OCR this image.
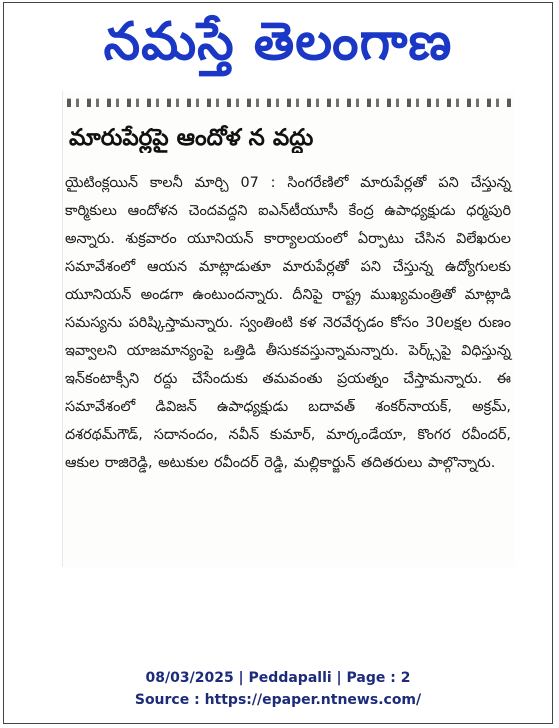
నమస్తే తెలంగాణ
మారుపేర్లపై ఆందోళ న వద్దు

యైటింక్లయిన్ కాలనీ మార్చి 07 : సింగరేణిలో మారుపేర్లతో పని చేస్తున్న కార్మికులు ఆందోళన చెందవద్దని ఐఎన్‌టీయూసీ కేంద్ర ఉపాధ్యక్షుడు ధర్మపురి అన్నారు. శుక్రవారం యూనియన్ కార్యాలయంలో ఏర్పాటు చేసిన విలేఖరుల సమావేశంలో ఆయన మాట్లాడుతూ మారుపేర్లతో పని చేస్తున్న ఉద్యోగులకు యూనియన్ అండగా ఉంటుందన్నారు. దీనిపై రాష్ట్ర ముఖ్యమంత్రితో మాట్లాడి సమస్యను పరిష్కిస్తామన్నారు. స్వంతింటి కళ నెరవేర్చడం కోసం 30లక్షల రుణం ఇవ్వాలని యాజమాన్యంపై ఒత్తిడి తీసుకవస్తున్నామన్నారు. పెర్క్స్‌పై విధిస్తున్న ఇన్‌కంటాక్సీని రద్దు చేసేందుకు తమవంతు ప్రయత్నం చేస్తామన్నారు. ఈ సమావేశంలో డివిజన్ ఉపాధ్యక్షుడు బదావత్ శంకర్‌నాయక్, అక్రమ్, దశరథమ్‌గౌడ్, సదానందం, నవీన్ కుమార్, మార్కండేయా, కొంగర రవీందర్, ఆకుల రాజిరెడ్డి, అటుకుల రవీందర్ రెడ్డి, మల్లికార్జున్ తదితరులు పాల్గొన్నారు.

08/03/2025 | Peddapalli | Page : 2
Source : https://epaper.ntnews.com/
